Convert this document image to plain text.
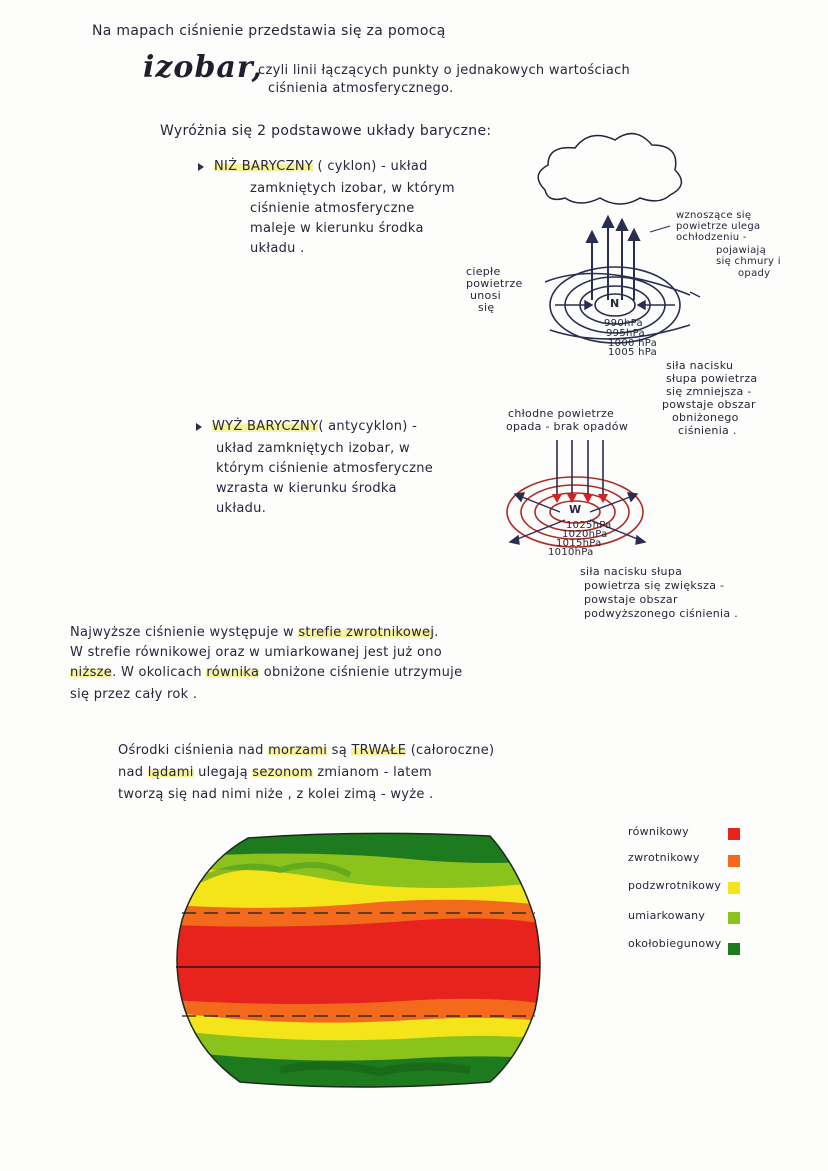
Na mapach ciśnienie przedstawia się za pomocą
izobar,
czyli linii łączących punkty o jednakowych wartościach
ciśnienia atmosferycznego.
Wyróżnia się 2 podstawowe układy baryczne:
NIŻ BARYCZNY ( cyklon) - układ
zamkniętych izobar, w którym
ciśnienie atmosferyczne
maleje w kierunku środka
układu .
N
990hPa
995hPa
1000 hPa
1005 hPa
ciepłe
powietrze
unosi
się
wznoszące się
powietrze ulega
ochłodzeniu -
pojawiają
się chmury i
opady
siła nacisku
słupa powietrza
się zmniejsza -
powstaje obszar
obniżonego
ciśnienia .
WYŻ BARYCZNY( antycyklon) -
układ zamkniętych izobar, w
którym ciśnienie atmosferyczne
wzrasta w kierunku środka
układu.
chłodne powietrze
opada - brak opadów
W
1025hPa
1020hPa
1015hPa
1010hPa
siła nacisku słupa
powietrza się zwiększa -
powstaje obszar
podwyższonego ciśnienia .
Najwyższe ciśnienie występuje w strefie zwrotnikowej.
W strefie równikowej oraz w umiarkowanej jest już ono
niższe. W okolicach równika obniżone ciśnienie utrzymuje
się przez cały rok .
Ośrodki ciśnienia nad morzami są TRWAŁE (całoroczne)
nad lądami ulegają sezonom zmianom - latem
tworzą się nad nimi niże , z kolei zimą - wyże .
równikowy
zwrotnikowy
podzwrotnikowy
umiarkowany
okołobiegunowy
